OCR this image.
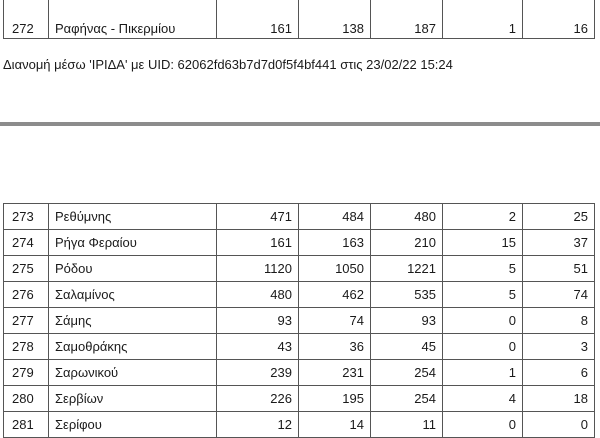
272	Ραφήνας - Πικερμίου	161	138	187	1	16
Διανομή μέσω 'ΙΡΙΔΑ' με UID: 62062fd63b7d7d0f5f4bf441 στις 23/02/22 15:24
273	Ρεθύμνης	471	484	480	2	25
274	Ρήγα Φεραίου	161	163	210	15	37
275	Ρόδου	1120	1050	1221	5	51
276	Σαλαμίνος	480	462	535	5	74
277	Σάμης	93	74	93	0	8
278	Σαμοθράκης	43	36	45	0	3
279	Σαρωνικού	239	231	254	1	6
280	Σερβίων	226	195	254	4	18
281	Σερίφου	12	14	11	0	0
